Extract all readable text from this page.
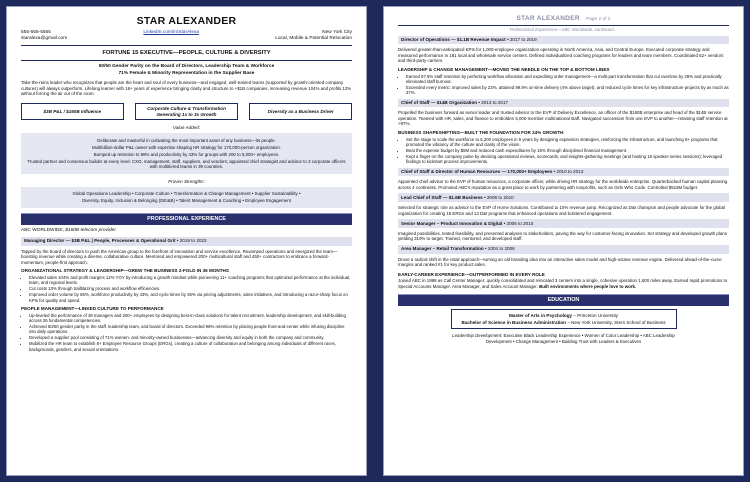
STAR ALEXANDER
555-555-5555
staralexa@gmail.com
LinkedIn.com/in/StarAlexa	New York City
Local, Mobile & Potential Relocation
FORTUNE 15 EXECUTIVE—PEOPLE, CULTURE & DIVERSITY
50/50 Gender Parity on the Board of Directors, Leadership Team & Workforce
71% Female & Minority Representation in the Supplier Base
Take-the-reins leader who recognizes that people are the heart and soul of every business—and engaged, well-trained teams (supported by growth-oriented company cultures) will always outperform. Lifelong learner with 18+ years of experience bringing clarity and structure to +$1B companies, increasing revenue 104% and profits 12% without forcing the air out of the room.
$3B P&L / $160B Influence
Corporate Culture & Transformation Generating 1x to 3x Growth
Diversity as a Business Driver
Value Added:

Deliberate and masterful in cultivating the most important asset of any business—its people.

Multibillion-dollar P&L owner with expertise shaping HR strategy for 170,000-person organization.

Bumped up retention to 98% and productivity by 43% for groups with 200 to 5,000+ employees.

Trusted partner and consensus builder at every level: CXO, management, staff, suppliers, and vendors; appointed chief strategist and advisor to 3 corporate officers with multitiered teams in 39 countries.

Proven Strengths:

Global Operations Leadership • Corporate Culture • Transformation & Change Management • Supplier Sustainability •

Diversity, Equity, Inclusion & Belonging (DEI&B) • Talent Management & Coaching • Employee Engagement

PROFESSIONAL EXPERIENCE
ABC WORLDWIDE, $160B telecom provider
Managing Director — $3B P&L | People, Processes & Operational Grit • 2019 to 2023
Tapped by the board of directors to push the Americas group to the forefront of innovation and service excellence. Revamped operations and energized the team—boosting revenue while creating a diverse, collaborative culture. Mentored and empowered 200+ multicultural staff and 450+ contractors to embrace a forward-momentum, people-first approach.
ORGANIZATIONAL STRATEGY & LEADERSHIP—GREW THE BUSINESS 2-FOLD IN 36 MONTHS
• Elevated sales 104% and profit margins 12% YOY by introducing a growth mindset while pioneering 11+ coaching programs that optimized performance at the individual, team, and regional levels.
• Cut costs 13% through trailblazing process and workflow efficiencies.
• Improved order volume by 86%, workforce productivity by 43%, and cycle times by 35% via pricing adjustments, sales initiatives, and introducing a razor-sharp focus on KPIs for quality and speed.
PEOPLE MANAGEMENT—LINKED CULTURE TO PERFORMANCE
• Up-leveled the performance of 38 managers and 200+ employees by designing best-in-class solutions for talent recruitment, leadership development, and skill-building across 26 fundamental competencies.
• Achieved 50/50 gender parity in the staff, leadership team, and board of directors. Exceeded 98% retention by placing people front-and-center while infusing discipline into daily operations.
• Developed a supplier pool consisting of 71% women- and minority-owned businesses—advancing diversity and equity in both the company and community.
• Mobilized the HR team to establish 8+ Employee Resource Groups (ERGs), creating a culture of collaboration and belonging among individuals of different races, backgrounds, genders, and sexual orientations.
STAR ALEXANDER Page 2 of 2
Professional Experience—ABC Worldwide, continued...
Director of Operations — $1.1B Revenue Impact • 2017 to 2019
Delivered greater-than-anticipated KPIs for 1,000-employee organization operating in North America, Asia, and Central Europe. Executed corporate strategy and measured performance in 181 local and wholesale service centers. Defined individualized coaching programs for leaders and team members. Coordinated 52+ vendors and third-party carriers.
LEADERSHIP & CHANGE MANAGEMENT—MOVED THE NEEDLE ON THE TOP & BOTTOM LINES
• Earned 97.5% staff retention by perfecting workflow allocation and expediting order management—a multi-part transformation that cut overtime by 28% and practically eliminated staff burnout.
• Exceeded every metric: improved sales by 23%, attained 99.9% on-time delivery (4% above target), and reduced cycle times for key infrastructure projects by as much as 37%.
Chief of Staff — $14B Organization • 2013 to 2017
Propelled the business forward as senior leader and trusted advisor to the EVP of Delivery Excellence, an officer of the $160B enterprise and head of the $14B service operation. Teamed with HR, sales, and finance to embolden 5,000-member multinational staff. Navigated succession from one EVP to another—retaining staff retention at >97%.
BUSINESS SHAPESHIFTING—BUILT THE FOUNDATION FOR 24% GROWTH
• Set the stage to scale the workforce to 6,200 employees in 5 years by designing expansion strategies, reinforcing the infrastructure, and launching 9+ programs that promoted the vibrancy of the culture and clarity of the vision.
• Beat the expense budget by $5M and reduced cash expenditures by 15% through disciplined financial management.
• Kept a finger on the company pulse by devising operational reviews, scorecards, and insights-gathering meetings (and hosting 18 speaker-series sessions); leveraged findings to kickstart process improvements.
Chief of Staff & Director of Human Resources — 170,000+ Employees • 2010 to 2013
Appointed chief advisor to the EVP of human resources, a corporate officer, while driving HR strategy for the worldwide enterprise. Quarterbacked human capital planning across 4 continents. Promoted ABC's reputation as a great place to work by partnering with nonprofits, such as Girls Who Code. Controlled $515M budget.
Lead Chief of Staff — $1.6B Business • 2008 to 2010
Selected for strategic role as advisor to the EVP of Home Solutions. Contributed to 10% revenue jump. Recognized as D&I champion and people advocate for the global organization for creating 15 ERGs and 13 D&I programs that enhanced operations and bolstered engagement.
Senior Manager – Product Innovation & Digital • 2006 to 2010
Imagined possibilities, tested feasibility, and presented analyses to stakeholders, paving the way for customer-facing innovation. Set strategy and developed growth plans yielding 310% to target. Trained, mentored, and developed staff.
Area Manager – Retail Transformation • 2004 to 2006
Drove a radical shift in the retail approach—turning an old branding idea into an interactive sales model and high-octane revenue engine. Delivered ahead-of-the-curve margins and ranked #1 for key product sales.
EARLY-CAREER EXPERIENCE—OUTPERFORMED IN EVERY ROLE
Joined ABC in 1998 as Call Center Manager; quickly consolidated and relocated 3 centers into a single, cohesive operation 1,600 miles away. Earned rapid promotions to Special Accounts Manager, Area Manager, and Sales Account Manager. Built environments where people love to work.
EDUCATION

Master of Arts in Psychology – Princeton University

Bachelor of Science in Business Administration – New York University, Stern School of Business

Leadership Development: Executive Black Leadership Experience • Women of Color Leadership • ABC Leadership

Development • Change Management • Building Trust with Leaders & Executives
